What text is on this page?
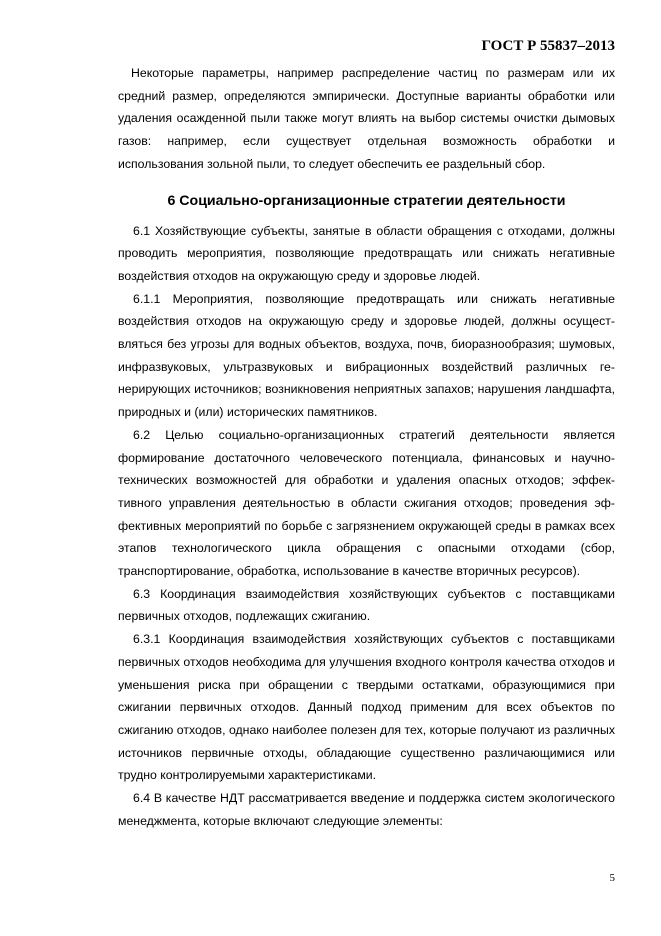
ГОСТ Р 55837–2013

Некоторые параметры, например распределение частиц по размерам или их средний размер, определяются эмпирически. Доступные варианты обработки или удаления осажденной пыли также могут влиять на выбор системы очистки дымовых газов: например, если существует отдельная возможность обработки и использования зольной пыли, то следует обеспечить ее раздельный сбор.

6 Социально-организационные стратегии деятельности

6.1 Хозяйствующие субъекты, занятые в области обращения с отходами, должны проводить мероприятия, позволяющие предотвращать или снижать негативные воздействия отходов на окружающую среду и здоровье людей.

6.1.1 Мероприятия, позволяющие предотвращать или снижать негативные воздействия отходов на окружающую среду и здоровье людей, должны осуществляться без угрозы для водных объектов, воздуха, почв, биоразнообразия; шумовых, инфразвуковых, ультразвуковых и вибрационных воздействий различных генерирующих источников; возникновения неприятных запахов; нарушения ландшафта, природных и (или) исторических памятников.

6.2 Целью социально-организационных стратегий деятельности является формирование достаточного человеческого потенциала, финансовых и научно-технических возможностей для обработки и удаления опасных отходов; эффективного управления деятельностью в области сжигания отходов; проведения эффективных мероприятий по борьбе с загрязнением окружающей среды в рамках всех этапов технологического цикла обращения с опасными отходами (сбор, транспортирование, обработка, использование в качестве вторичных ресурсов).

6.3 Координация взаимодействия хозяйствующих субъектов с поставщиками первичных отходов, подлежащих сжиганию.

6.3.1 Координация взаимодействия хозяйствующих субъектов с поставщиками первичных отходов необходима для улучшения входного контроля качества отходов и уменьшения риска при обращении с твердыми остатками, образующимися при сжигании первичных отходов. Данный подход применим для всех объектов по сжиганию отходов, однако наиболее полезен для тех, которые получают из различных источников первичные отходы, обладающие существенно различающимися или трудно контролируемыми характеристиками.

6.4 В качестве НДТ рассматривается введение и поддержка систем экологического менеджмента, которые включают следующие элементы:

5
